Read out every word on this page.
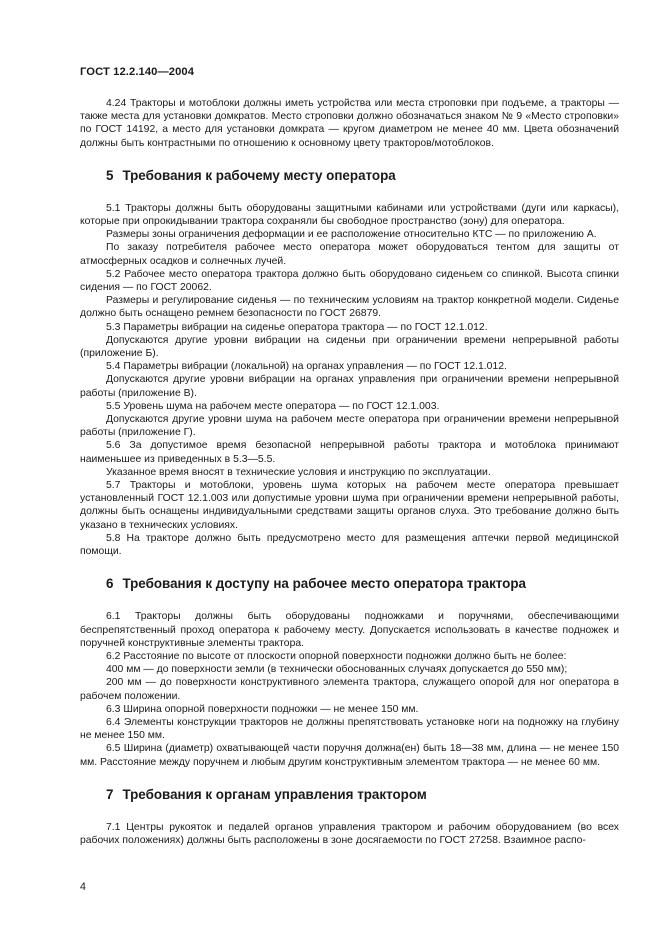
ГОСТ 12.2.140—2004

4.24 Тракторы и мотоблоки должны иметь устройства или места строповки при подъеме, а тракторы — также места для установки домкратов. Место строповки должно обозначаться знаком № 9 «Место строповки» по ГОСТ 14192, а место для установки домкрата — кругом диаметром не менее 40 мм. Цвета обозначений должны быть контрастными по отношению к основному цвету тракторов/мотоблоков.

5 Требования к рабочему месту оператора

5.1 Тракторы должны быть оборудованы защитными кабинами или устройствами (дуги или каркасы), которые при опрокидывании трактора сохраняли бы свободное пространство (зону) для оператора.

Размеры зоны ограничения деформации и ее расположение относительно КТС — по приложению А.

По заказу потребителя рабочее место оператора может оборудоваться тентом для защиты от атмосферных осадков и солнечных лучей.

5.2 Рабочее место оператора трактора должно быть оборудовано сиденьем со спинкой. Высота спинки сидения — по ГОСТ 20062.

Размеры и регулирование сиденья — по техническим условиям на трактор конкретной модели. Сиденье должно быть оснащено ремнем безопасности по ГОСТ 26879.

5.3 Параметры вибрации на сиденье оператора трактора — по ГОСТ 12.1.012.

Допускаются другие уровни вибрации на сиденьи при ограничении времени непрерывной работы (приложение Б).

5.4 Параметры вибрации (локальной) на органах управления — по ГОСТ 12.1.012.

Допускаются другие уровни вибрации на органах управления при ограничении времени непрерывной работы (приложение В).

5.5 Уровень шума на рабочем месте оператора — по ГОСТ 12.1.003.

Допускаются другие уровни шума на рабочем месте оператора при ограничении времени непрерывной работы (приложение Г).

5.6 За допустимое время безопасной непрерывной работы трактора и мотоблока принимают наименьшее из приведенных в 5.3—5.5.

Указанное время вносят в технические условия и инструкцию по эксплуатации.

5.7 Тракторы и мотоблоки, уровень шума которых на рабочем месте оператора превышает установленный ГОСТ 12.1.003 или допустимые уровни шума при ограничении времени непрерывной работы, должны быть оснащены индивидуальными средствами защиты органов слуха. Это требование должно быть указано в технических условиях.

5.8 На тракторе должно быть предусмотрено место для размещения аптечки первой медицинской помощи.

6 Требования к доступу на рабочее место оператора трактора

6.1 Тракторы должны быть оборудованы подножками и поручнями, обеспечивающими беспрепятственный проход оператора к рабочему месту. Допускается использовать в качестве подножек и поручней конструктивные элементы трактора.

6.2 Расстояние по высоте от плоскости опорной поверхности подножки должно быть не более:

400 мм — до поверхности земли (в технически обоснованных случаях допускается до 550 мм);

200 мм — до поверхности конструктивного элемента трактора, служащего опорой для ног оператора в рабочем положении.

6.3 Ширина опорной поверхности подножки — не менее 150 мм.

6.4 Элементы конструкции тракторов не должны препятствовать установке ноги на подножку на глубину не менее 150 мм.

6.5 Ширина (диаметр) охватывающей части поручня должна(ен) быть 18—38 мм, длина — не менее 150 мм. Расстояние между поручнем и любым другим конструктивным элементом трактора — не менее 60 мм.

7 Требования к органам управления трактором

7.1 Центры рукояток и педалей органов управления трактором и рабочим оборудованием (во всех рабочих положениях) должны быть расположены в зоне досягаемости по ГОСТ 27258. Взаимное распо-

4
